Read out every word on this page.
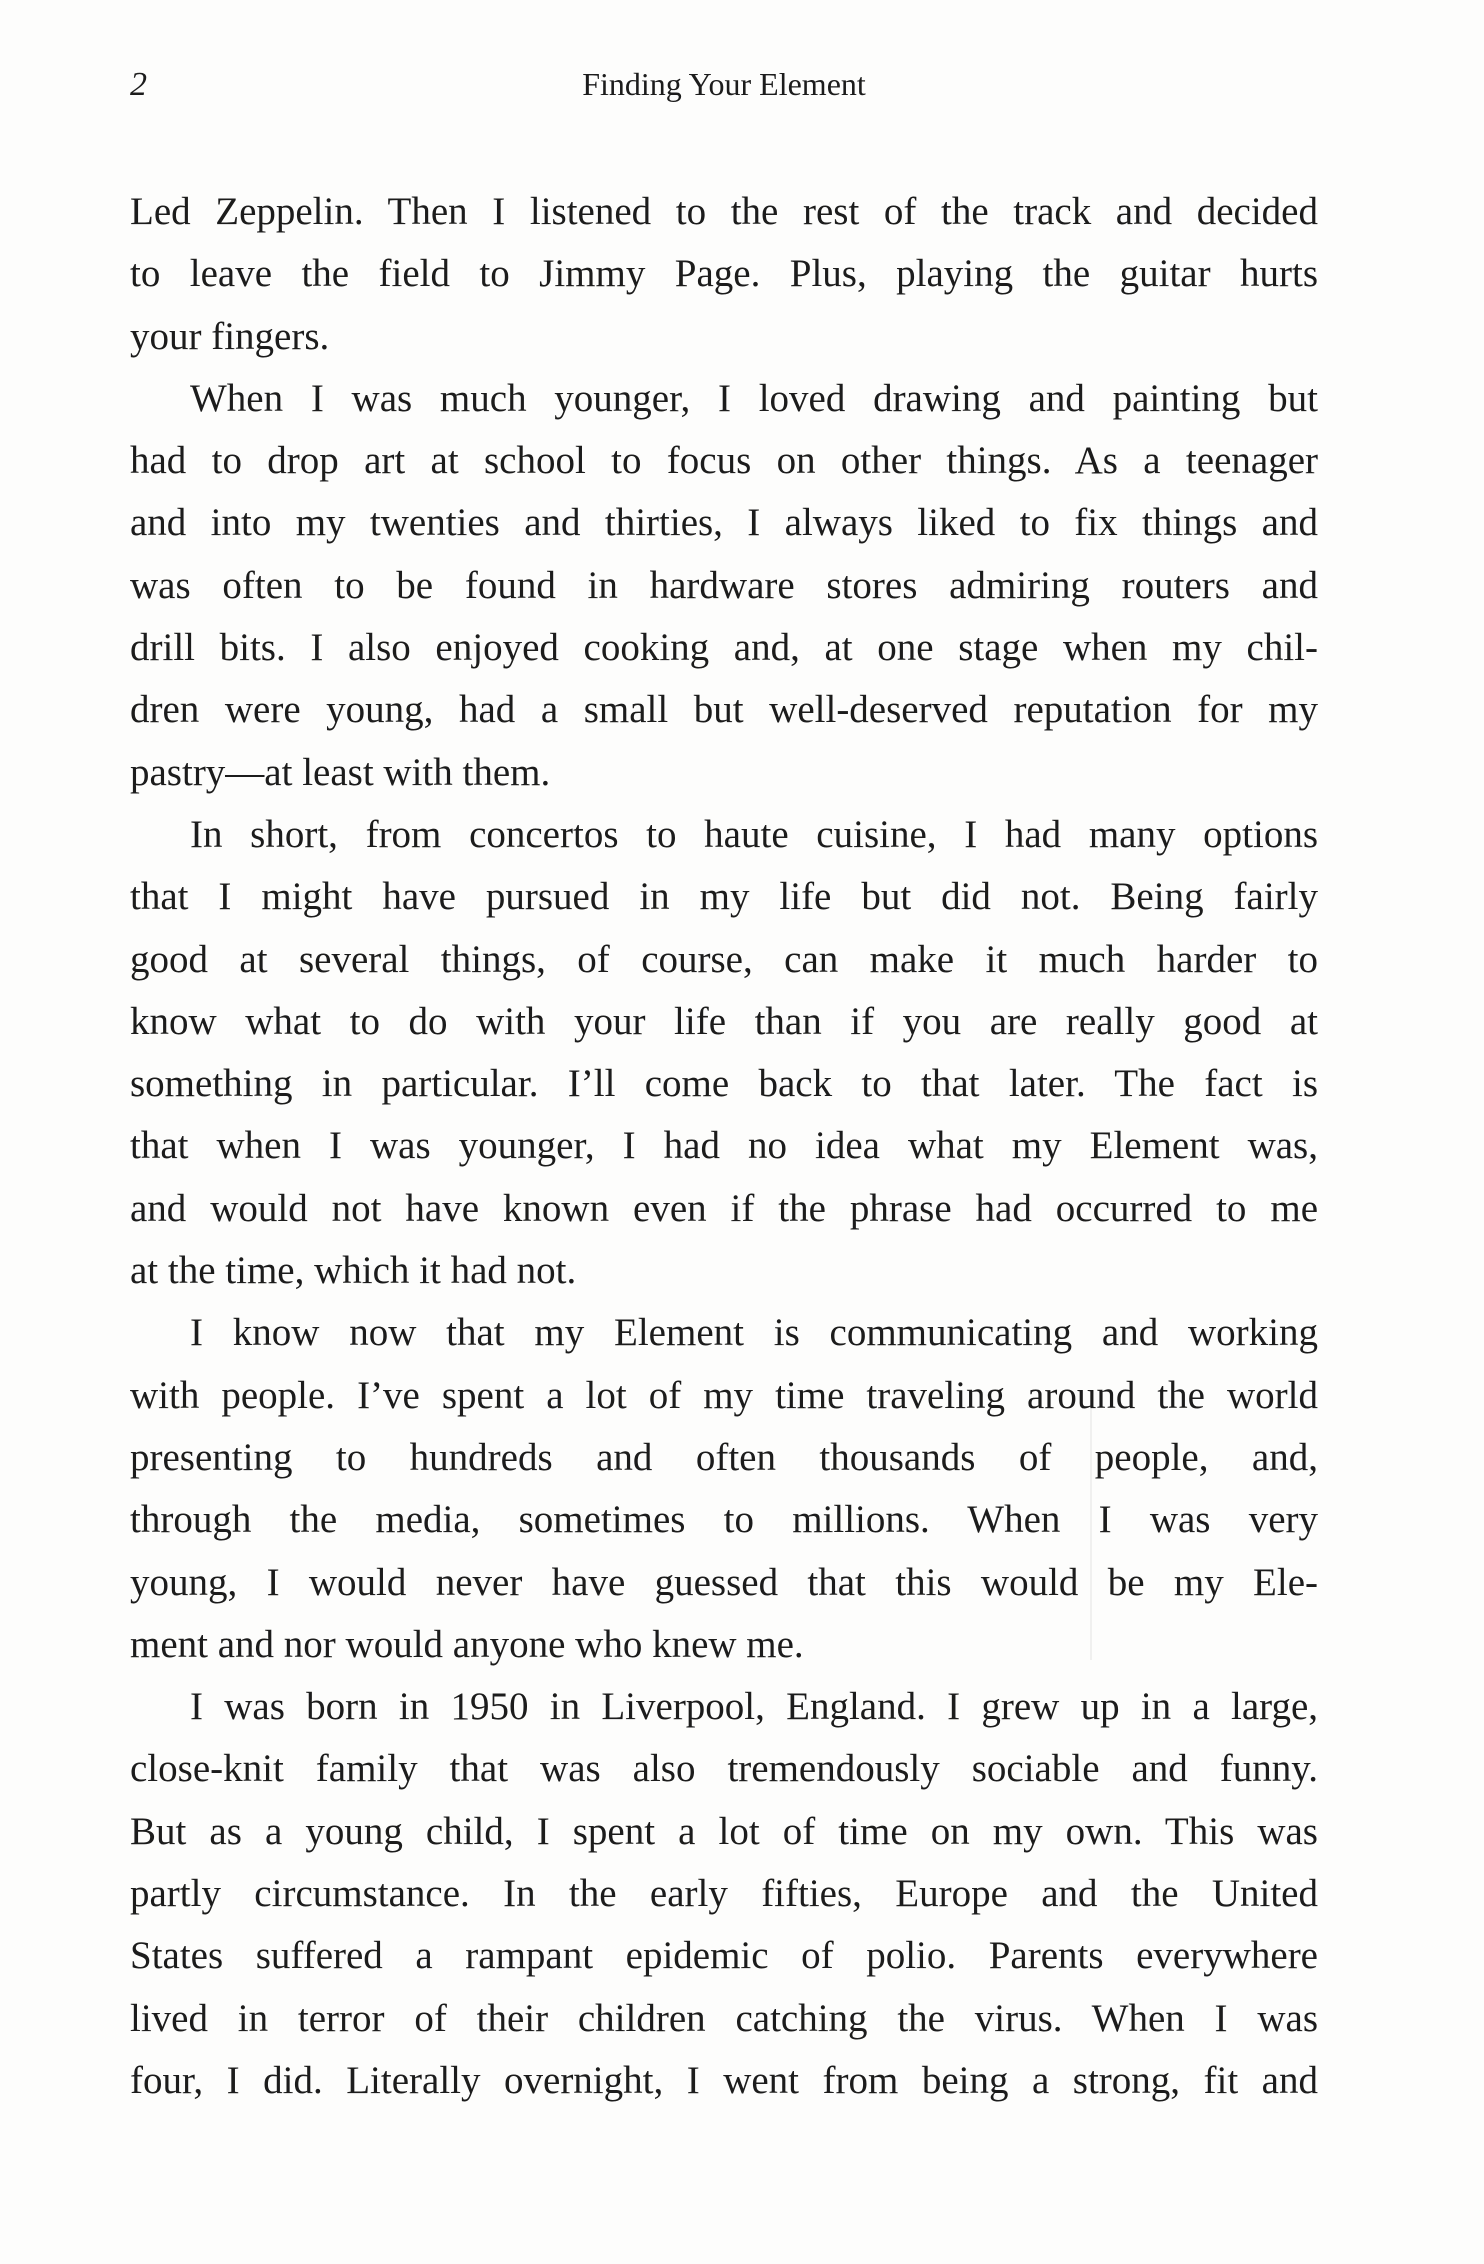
2	Finding Your Element
Led Zeppelin. Then I listened to the rest of the track and decided
to leave the field to Jimmy Page. Plus, playing the guitar hurts
your fingers.
When I was much younger, I loved drawing and painting but
had to drop art at school to focus on other things. As a teenager
and into my twenties and thirties, I always liked to fix things and
was often to be found in hardware stores admiring routers and
drill bits. I also enjoyed cooking and, at one stage when my chil-
dren were young, had a small but well-deserved reputation for my
pastry—at least with them.
In short, from concertos to haute cuisine, I had many options
that I might have pursued in my life but did not. Being fairly
good at several things, of course, can make it much harder to
know what to do with your life than if you are really good at
something in particular. I’ll come back to that later. The fact is
that when I was younger, I had no idea what my Element was,
and would not have known even if the phrase had occurred to me
at the time, which it had not.
I know now that my Element is communicating and working
with people. I’ve spent a lot of my time traveling around the world
presenting to hundreds and often thousands of people, and,
through the media, sometimes to millions. When I was very
young, I would never have guessed that this would be my Ele-
ment and nor would anyone who knew me.
I was born in 1950 in Liverpool, England. I grew up in a large,
close-knit family that was also tremendously sociable and funny.
But as a young child, I spent a lot of time on my own. This was
partly circumstance. In the early fifties, Europe and the United
States suffered a rampant epidemic of polio. Parents everywhere
lived in terror of their children catching the virus. When I was
four, I did. Literally overnight, I went from being a strong, fit and
